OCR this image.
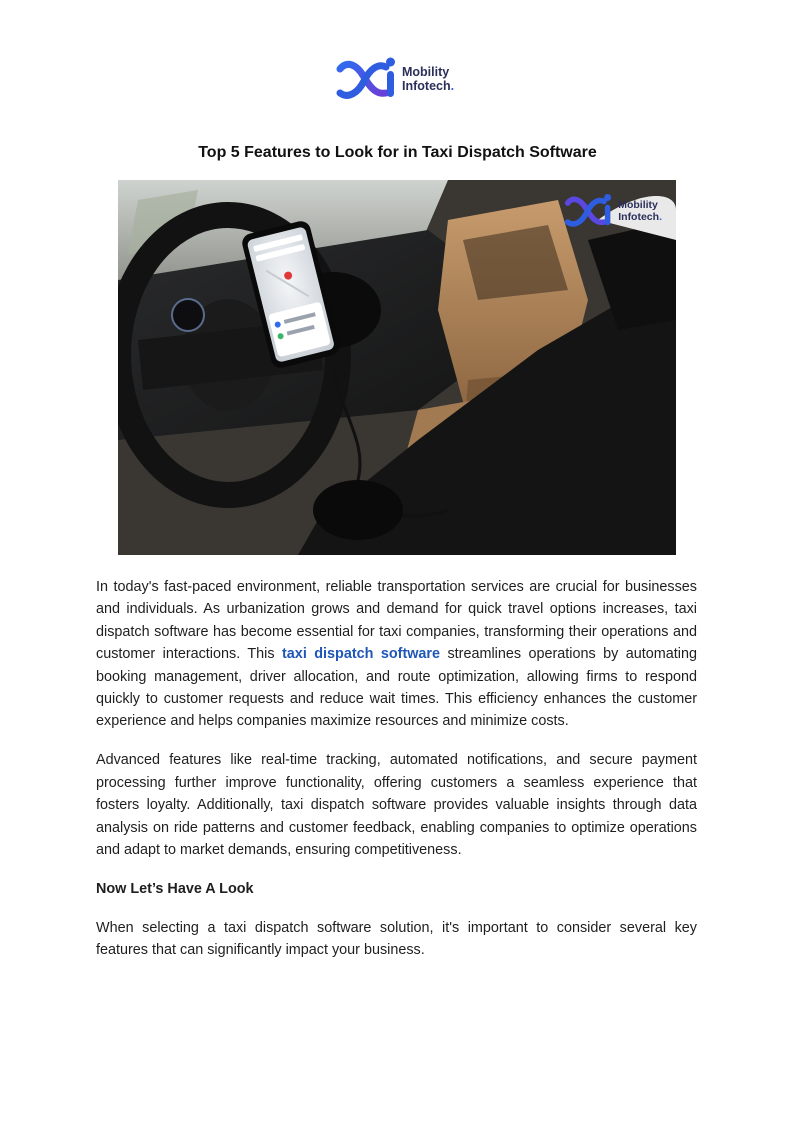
Mobility
Infotech.
Top 5 Features to Look for in Taxi Dispatch Software
Mobility
Infotech.

In today's fast-paced environment, reliable transportation services are crucial for businesses and individuals. As urbanization grows and demand for quick travel options increases, taxi dispatch software has become essential for taxi companies, transforming their operations and customer interactions. This taxi dispatch software streamlines operations by automating booking management, driver allocation, and route optimization, allowing firms to respond quickly to customer requests and reduce wait times. This efficiency enhances the customer experience and helps companies maximize resources and minimize costs.

Advanced features like real-time tracking, automated notifications, and secure payment processing further improve functionality, offering customers a seamless experience that fosters loyalty. Additionally, taxi dispatch software provides valuable insights through data analysis on ride patterns and customer feedback, enabling companies to optimize operations and adapt to market demands, ensuring competitiveness.

Now Let’s Have A Look

When selecting a taxi dispatch software solution, it's important to consider several key features that can significantly impact your business.
